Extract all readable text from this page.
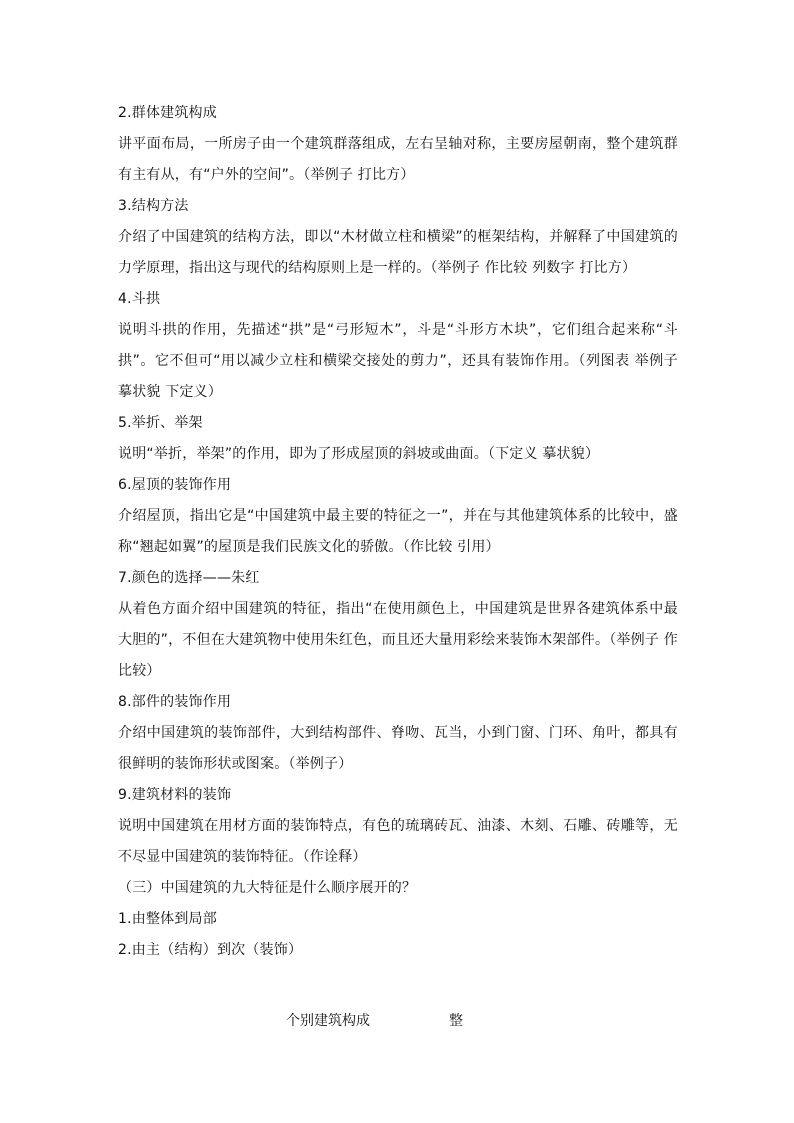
2.群体建筑构成

讲平面布局，一所房子由一个建筑群落组成，左右呈轴对称，主要房屋朝南，整个建筑群有主有从，有“户外的空间”。（举例子 打比方）

3.结构方法

介绍了中国建筑的结构方法，即以“木材做立柱和横梁”的框架结构，并解释了中国建筑的力学原理，指出这与现代的结构原则上是一样的。（举例子 作比较 列数字 打比方）

4.斗拱

说明斗拱的作用，先描述“拱”是“弓形短木”，斗是“斗形方木块”，它们组合起来称“斗拱”。它不但可“用以减少立柱和横梁交接处的剪力”，还具有装饰作用。（列图表 举例子 摹状貌 下定义）

5.举折、举架

说明“举折，举架”的作用，即为了形成屋顶的斜坡或曲面。（下定义 摹状貌）

6.屋顶的装饰作用

介绍屋顶，指出它是“中国建筑中最主要的特征之一”，并在与其他建筑体系的比较中，盛称“翘起如翼”的屋顶是我们民族文化的骄傲。（作比较 引用）

7.颜色的选择——朱红

从着色方面介绍中国建筑的特征，指出“在使用颜色上，中国建筑是世界各建筑体系中最大胆的”，不但在大建筑物中使用朱红色，而且还大量用彩绘来装饰木架部件。（举例子 作比较）

8.部件的装饰作用

介绍中国建筑的装饰部件，大到结构部件、脊吻、瓦当，小到门窗、门环、角叶，都具有很鲜明的装饰形状或图案。（举例子）

9.建筑材料的装饰

说明中国建筑在用材方面的装饰特点，有色的琉璃砖瓦、油漆、木刻、石雕、砖雕等，无不尽显中国建筑的装饰特征。（作诠释）

（三）中国建筑的九大特征是什么顺序展开的？
1.由整体到局部
2.由主（结构）到次（装饰）
个别建筑构成	整
